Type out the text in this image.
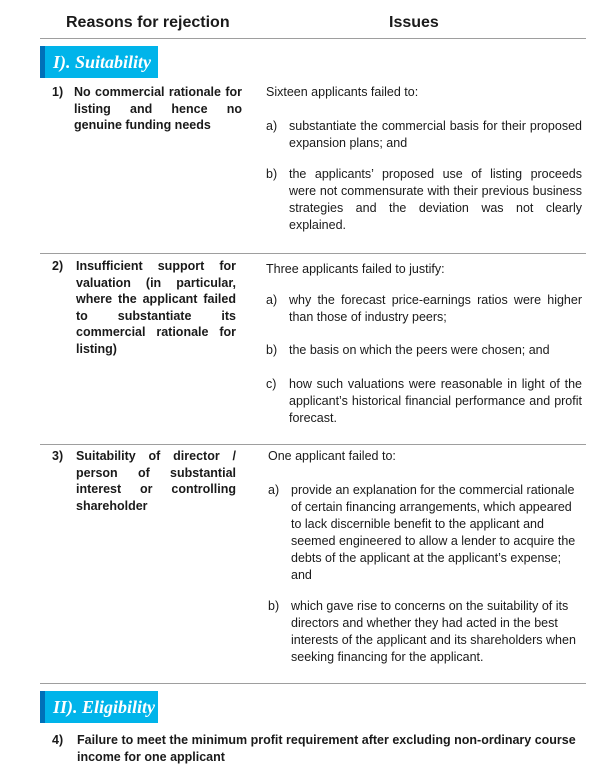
Reasons for rejection	Issues
I). Suitability
1) No commercial rationale for listing and hence no genuine funding needs
Sixteen applicants failed to:
a) substantiate the commercial basis for their proposed expansion plans; and
b) the applicants’ proposed use of listing proceeds were not commensurate with their previous business strategies and the deviation was not clearly explained.
2) Insufficient support for valuation (in particular, where the applicant failed to substantiate its commercial rationale for listing)
Three applicants failed to justify:
a) why the forecast price-earnings ratios were higher than those of industry peers;
b) the basis on which the peers were chosen; and
c) how such valuations were reasonable in light of the applicant’s historical financial performance and profit forecast.
3) Suitability of director / person of substantial interest or controlling shareholder
One applicant failed to:
a) provide an explanation for the commercial rationale of certain financing arrangements, which appeared to lack discernible benefit to the applicant and seemed engineered to allow a lender to acquire the debts of the applicant at the applicant’s expense; and
b) which gave rise to concerns on the suitability of its directors and whether they had acted in the best interests of the applicant and its shareholders when seeking financing for the applicant.
II). Eligibility
4) Failure to meet the minimum profit requirement after excluding non-ordinary course income for one applicant
